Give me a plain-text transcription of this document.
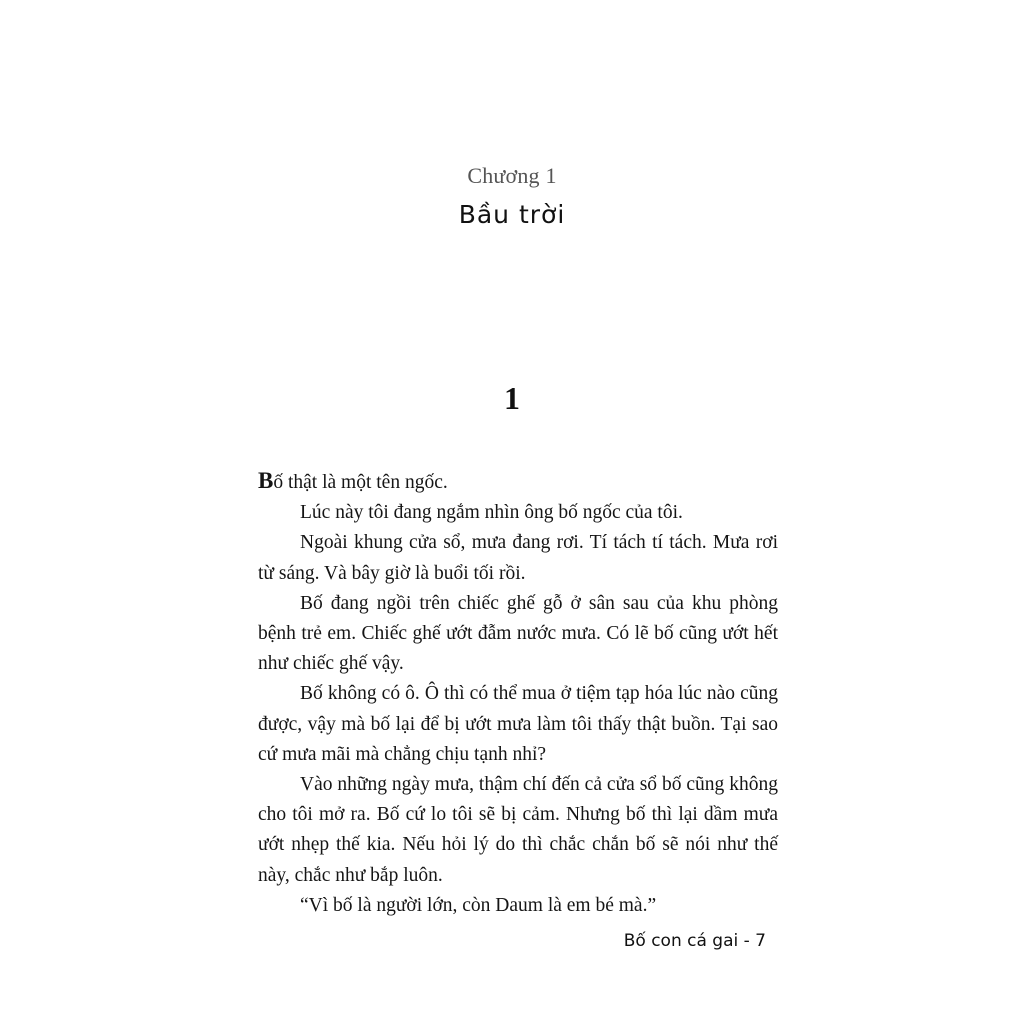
Chương 1
Bầu trời
1

Bố thật là một tên ngốc.

Lúc này tôi đang ngắm nhìn ông bố ngốc của tôi.

Ngoài khung cửa sổ, mưa đang rơi. Tí tách tí tách. Mưa rơi từ sáng. Và bây giờ là buổi tối rồi.

Bố đang ngồi trên chiếc ghế gỗ ở sân sau của khu phòng bệnh trẻ em. Chiếc ghế ướt đẫm nước mưa. Có lẽ bố cũng ướt hết như chiếc ghế vậy.

Bố không có ô. Ô thì có thể mua ở tiệm tạp hóa lúc nào cũng được, vậy mà bố lại để bị ướt mưa làm tôi thấy thật buồn. Tại sao cứ mưa mãi mà chẳng chịu tạnh nhỉ?

Vào những ngày mưa, thậm chí đến cả cửa sổ bố cũng không cho tôi mở ra. Bố cứ lo tôi sẽ bị cảm. Nhưng bố thì lại dầm mưa ướt nhẹp thế kia. Nếu hỏi lý do thì chắc chắn bố sẽ nói như thế này, chắc như bắp luôn.

“Vì bố là người lớn, còn Daum là em bé mà.”

Bố con cá gai - 7
